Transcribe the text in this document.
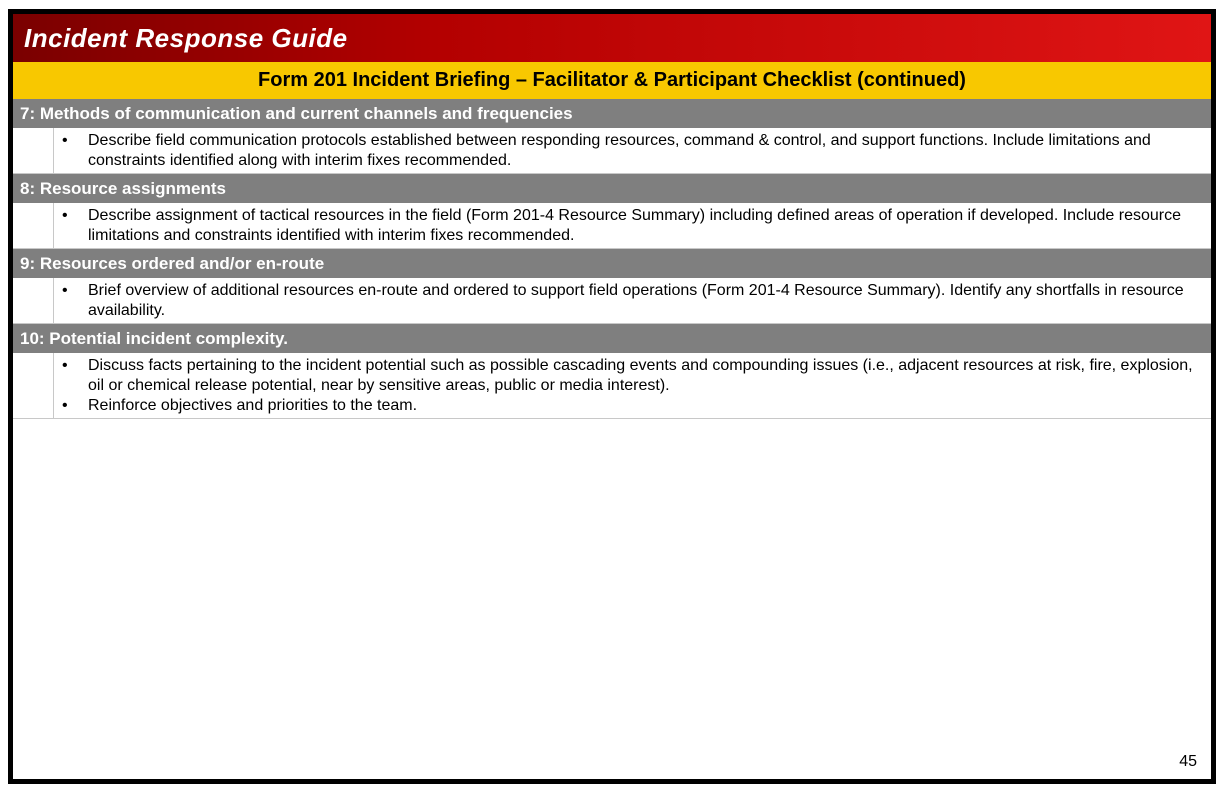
Incident Response Guide
Form 201 Incident Briefing – Facilitator & Participant Checklist (continued)
7: Methods of communication and current channels and frequencies
• Describe field communication protocols established between responding resources, command & control, and support functions. Include limitations and constraints identified along with interim fixes recommended.
8: Resource assignments
• Describe assignment of tactical resources in the field (Form 201-4 Resource Summary) including defined areas of operation if developed. Include resource limitations and constraints identified with interim fixes recommended.
9: Resources ordered and/or en-route
• Brief overview of additional resources en-route and ordered to support field operations (Form 201-4 Resource Summary). Identify any shortfalls in resource availability.
10: Potential incident complexity.
• Discuss facts pertaining to the incident potential such as possible cascading events and compounding issues (i.e., adjacent resources at risk, fire, explosion, oil or chemical release potential, near by sensitive areas, public or media interest).
• Reinforce objectives and priorities to the team.
45
